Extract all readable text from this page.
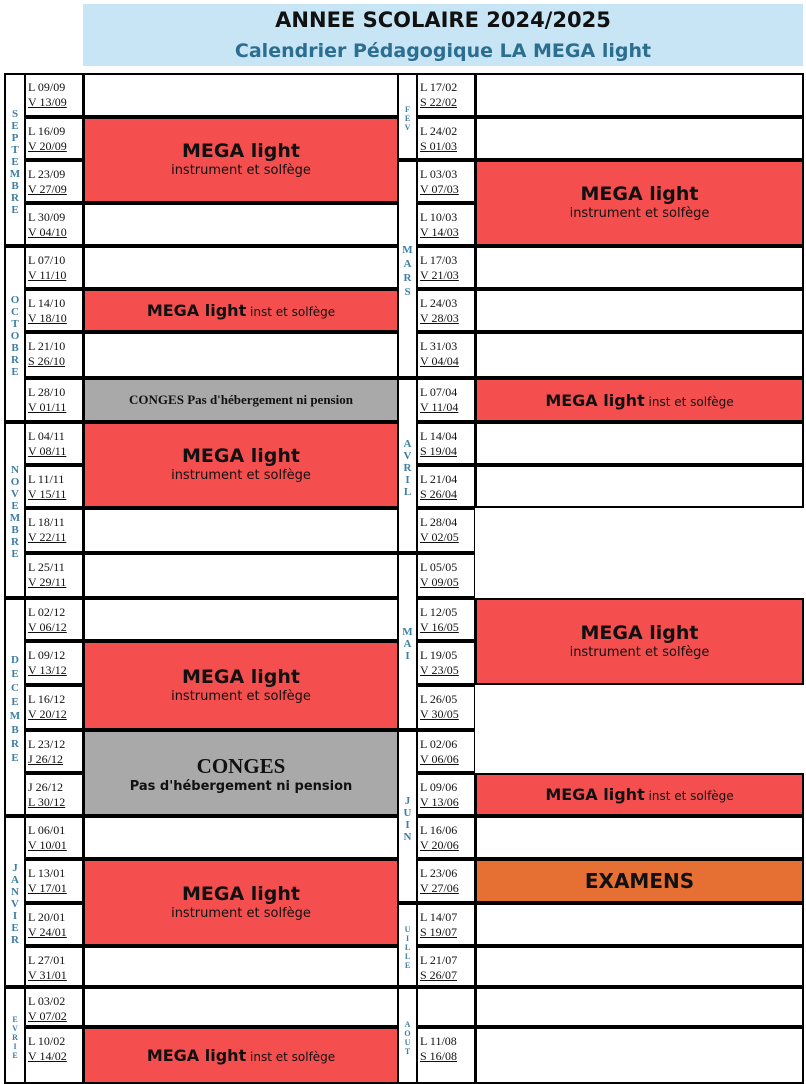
ANNEE SCOLAIRE 2024/2025
Calendrier Pédagogique LA MEGA light
S
E
P
T
E
M
B
R
E
O
C
T
O
B
R
E
N
O
V
E
M
B
R
E
D
E
C
E
M
B
R
E
J
A
N
V
I
E
R
E
V
R
I
E
F
E
V
M
A
R
S
A
V
R
I
L
M
A
I
J
U
I
N
U
I
L
L
E
A
O
U
T
L 09/09
V 13/09
L 16/09
V 20/09
L 23/09
V 27/09
L 30/09
V 04/10
L 07/10
V 11/10
L 14/10
V 18/10
L 21/10
S 26/10
L 28/10
V 01/11
L 04/11
V 08/11
L 11/11
V 15/11
L 18/11
V 22/11
L 25/11
V 29/11
L 02/12
V 06/12
L 09/12
V 13/12
L 16/12
V 20/12
L 23/12
J 26/12
J 26/12
L 30/12
L 06/01
V 10/01
L 13/01
V 17/01
L 20/01
V 24/01
L 27/01
V 31/01
L 03/02
V 07/02
L 10/02
V 14/02
L 17/02
S 22/02
L 24/02
S 01/03
L 03/03
V 07/03
L 10/03
V 14/03
L 17/03
V 21/03
L 24/03
V 28/03
L 31/03
V 04/04
L 07/04
V 11/04
L 14/04
S 19/04
L 21/04
S 26/04
L 28/04
V 02/05
L 05/05
V 09/05
L 12/05
V 16/05
L 19/05
V 23/05
L 26/05
V 30/05
L 02/06
V 06/06
L 09/06
V 13/06
L 16/06
V 20/06
L 23/06
V 27/06
L 14/07
S 19/07
L 21/07
S 26/07
L 11/08
S 16/08
MEGA light
instrument et solfège
MEGA light inst et solfège
CONGES Pas d'hébergement ni pension
MEGA light
instrument et solfège
MEGA light
instrument et solfège
CONGES
Pas d'hébergement ni pension
MEGA light
instrument et solfège
MEGA light inst et solfège
MEGA light
instrument et solfège
MEGA light inst et solfège
MEGA light
instrument et solfège
MEGA light inst et solfège
EXAMENS
